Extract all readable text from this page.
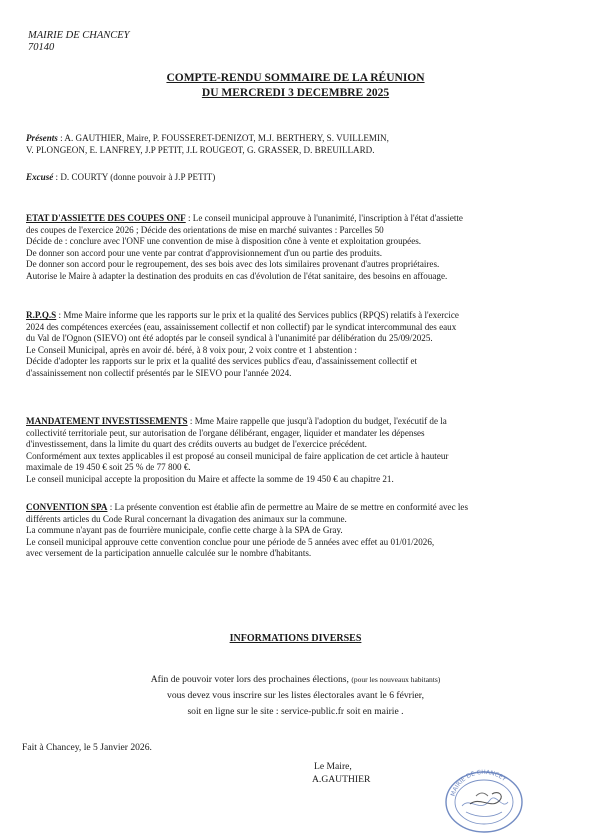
MAIRIE DE CHANCEY
70140
COMPTE-RENDU SOMMAIRE DE LA RÉUNION
DU MERCREDI 3 DECEMBRE 2025

Présents : A. GAUTHIER, Maire, P. FOUSSERET-DENIZOT, M.J. BERTHERY, S. VUILLEMIN,

V. PLONGEON, E. LANFREY, J.P PETIT, J.L ROUGEOT, G. GRASSER, D. BREUILLARD.

Excusé : D. COURTY (donne pouvoir à J.P PETIT)

ETAT D'ASSIETTE DES COUPES ONF : Le conseil municipal approuve à l'unanimité, l'inscription à l'état d'assiette

des coupes de l'exercice 2026 ; Décide des orientations de mise en marché suivantes : Parcelles 50

Décide de : conclure avec l'ONF une convention de mise à disposition cône à vente et exploitation groupées.

De donner son accord pour une vente par contrat d'approvisionnement d'un ou partie des produits.

De donner son accord pour le regroupement, des ses bois avec des lots similaires provenant d'autres propriétaires.

Autorise le Maire à adapter la destination des produits en cas d'évolution de l'état sanitaire, des besoins en affouage.

R.P.Q.S : Mme Maire informe que les rapports sur le prix et la qualité des Services publics (RPQS) relatifs à l'exercice

2024 des compétences exercées (eau, assainissement collectif et non collectif) par le syndicat intercommunal des eaux

du Val de l'Ognon (SIEVO) ont été adoptés par le conseil syndical à l'unanimité par délibération du 25/09/2025.

Le Conseil Municipal, après en avoir dé. béré, à 8 voix pour, 2 voix contre et 1 abstention :

Décide d'adopter les rapports sur le prix et la qualité des services publics d'eau, d'assainissement collectif et

d'assainissement non collectif présentés par le SIEVO pour l'année 2024.

MANDATEMENT INVESTISSEMENTS : Mme Maire rappelle que jusqu'à l'adoption du budget, l'exécutif de la

collectivité territoriale peut, sur autorisation de l'organe délibérant, engager, liquider et mandater les dépenses

d'investissement, dans la limite du quart des crédits ouverts au budget de l'exercice précédent.

Conformément aux textes applicables il est proposé au conseil municipal de faire application de cet article à hauteur

maximale de 19 450 € soit 25 % de 77 800 €.

Le conseil municipal accepte la proposition du Maire et affecte la somme de 19 450 € au chapitre 21.

CONVENTION SPA : La présente convention est établie afin de permettre au Maire de se mettre en conformité avec les

différents articles du Code Rural concernant la divagation des animaux sur la commune.

La commune n'ayant pas de fourrière municipale, confie cette charge à la SPA de Gray.

Le conseil municipal approuve cette convention conclue pour une période de 5 années avec effet au 01/01/2026,

avec versement de la participation annuelle calculée sur le nombre d'habitants.

INFORMATIONS DIVERSES

Afin de pouvoir voter lors des prochaines élections, (pour les nouveaux habitants)

vous devez vous inscrire sur les listes électorales avant le 6 février,

soit en ligne sur le site : service-public.fr soit en mairie .

Fait à Chancey, le 5 Janvier 2026.
Le Maire,
A.GAUTHIER
MAIRIE DE CHANCEY
